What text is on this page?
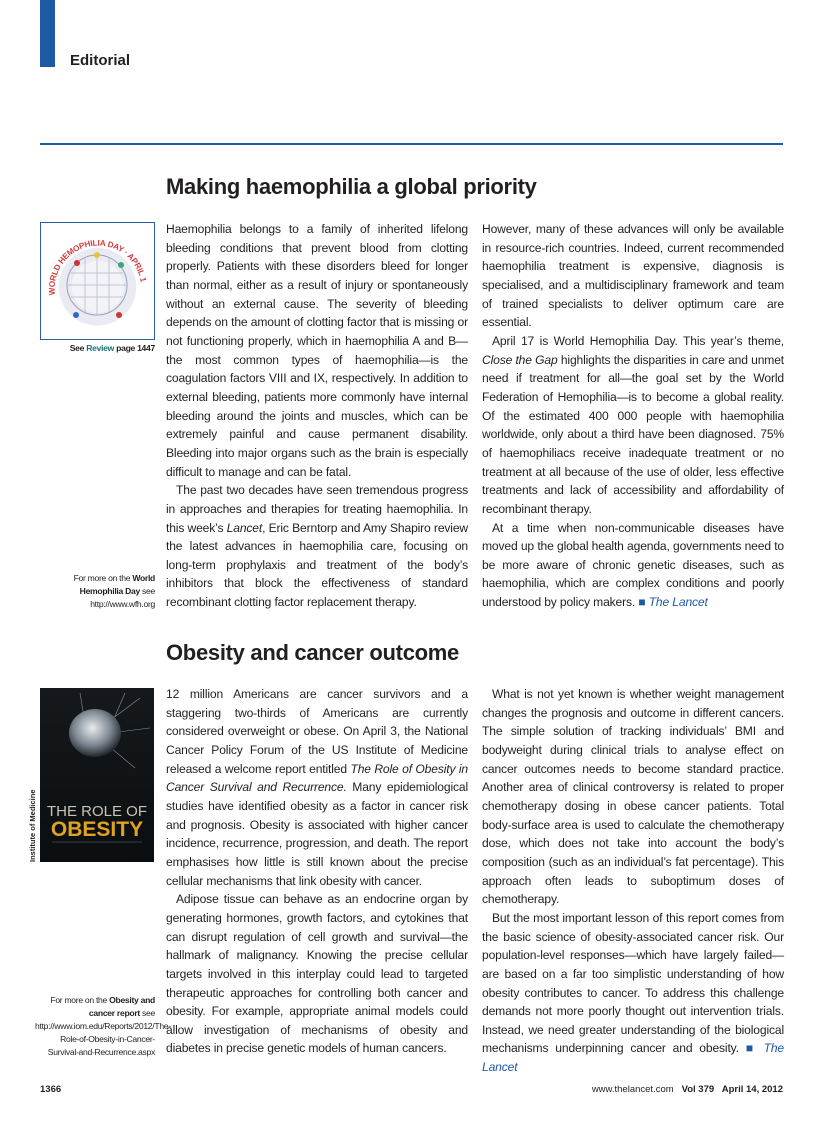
Editorial
Making haemophilia a global priority
WORLD HEMOPHILIA DAY · APRIL 1
See Review page 1447
For more on the World Hemophilia Day see http://www.wfh.org

Haemophilia belongs to a family of inherited lifelong bleeding conditions that prevent blood from clotting properly. Patients with these disorders bleed for longer than normal, either as a result of injury or spontaneously without an external cause. The severity of bleeding depends on the amount of clotting factor that is missing or not functioning properly, which in haemophilia A and B—the most common types of haemophilia—is the coagulation factors VIII and IX, respectively. In addition to external bleeding, patients more commonly have internal bleeding around the joints and muscles, which can be extremely painful and cause permanent disability. Bleeding into major organs such as the brain is especially difficult to manage and can be fatal.

The past two decades have seen tremendous progress in approaches and therapies for treating haemophilia. In this week’s Lancet, Eric Berntorp and Amy Shapiro review the latest advances in haemophilia care, focusing on long-term prophylaxis and treatment of the body’s inhibitors that block the effectiveness of standard recombinant clotting factor replacement therapy.

However, many of these advances will only be available in resource-rich countries. Indeed, current recommended haemophilia treatment is expensive, diagnosis is specialised, and a multidisciplinary framework and team of trained specialists to deliver optimum care are essential.

April 17 is World Hemophilia Day. This year’s theme, Close the Gap highlights the disparities in care and unmet need if treatment for all—the goal set by the World Federation of Hemophilia—is to become a global reality. Of the estimated 400 000 people with haemophilia worldwide, only about a third have been diagnosed. 75% of haemophiliacs receive inadequate treatment or no treatment at all because of the use of older, less effective treatments and lack of accessibility and affordability of recombinant therapy.

At a time when non-communicable diseases have moved up the global health agenda, governments need to be more aware of chronic genetic diseases, such as haemophilia, which are complex conditions and poorly understood by policy makers. ■ The Lancet

Obesity and cancer outcome
THE ROLE OF
OBESITY
Institute of Medicine
For more on the Obesity and cancer report see http://www.iom.edu/Reports/2012/The-Role-of-Obesity-in-Cancer-Survival-and-Recurrence.aspx

12 million Americans are cancer survivors and a staggering two-thirds of Americans are currently considered overweight or obese. On April 3, the National Cancer Policy Forum of the US Institute of Medicine released a welcome report entitled The Role of Obesity in Cancer Survival and Recurrence. Many epidemiological studies have identified obesity as a factor in cancer risk and prognosis. Obesity is associated with higher cancer incidence, recurrence, progression, and death. The report emphasises how little is still known about the precise cellular mechanisms that link obesity with cancer.

Adipose tissue can behave as an endocrine organ by generating hormones, growth factors, and cytokines that can disrupt regulation of cell growth and survival—the hallmark of malignancy. Knowing the precise cellular targets involved in this interplay could lead to targeted therapeutic approaches for controlling both cancer and obesity. For example, appropriate animal models could allow investigation of mechanisms of obesity and diabetes in precise genetic models of human cancers.

What is not yet known is whether weight management changes the prognosis and outcome in different cancers. The simple solution of tracking individuals’ BMI and bodyweight during clinical trials to analyse effect on cancer outcomes needs to become standard practice. Another area of clinical controversy is related to proper chemotherapy dosing in obese cancer patients. Total body-surface area is used to calculate the chemotherapy dose, which does not take into account the body’s composition (such as an individual’s fat percentage). This approach often leads to suboptimum doses of chemotherapy.

But the most important lesson of this report comes from the basic science of obesity-associated cancer risk. Our population-level responses—which have largely failed—are based on a far too simplistic understanding of how obesity contributes to cancer. To address this challenge demands not more poorly thought out intervention trials. Instead, we need greater understanding of the biological mechanisms underpinning cancer and obesity. ■ The Lancet

1366	www.thelancet.com Vol 379 April 14, 2012
